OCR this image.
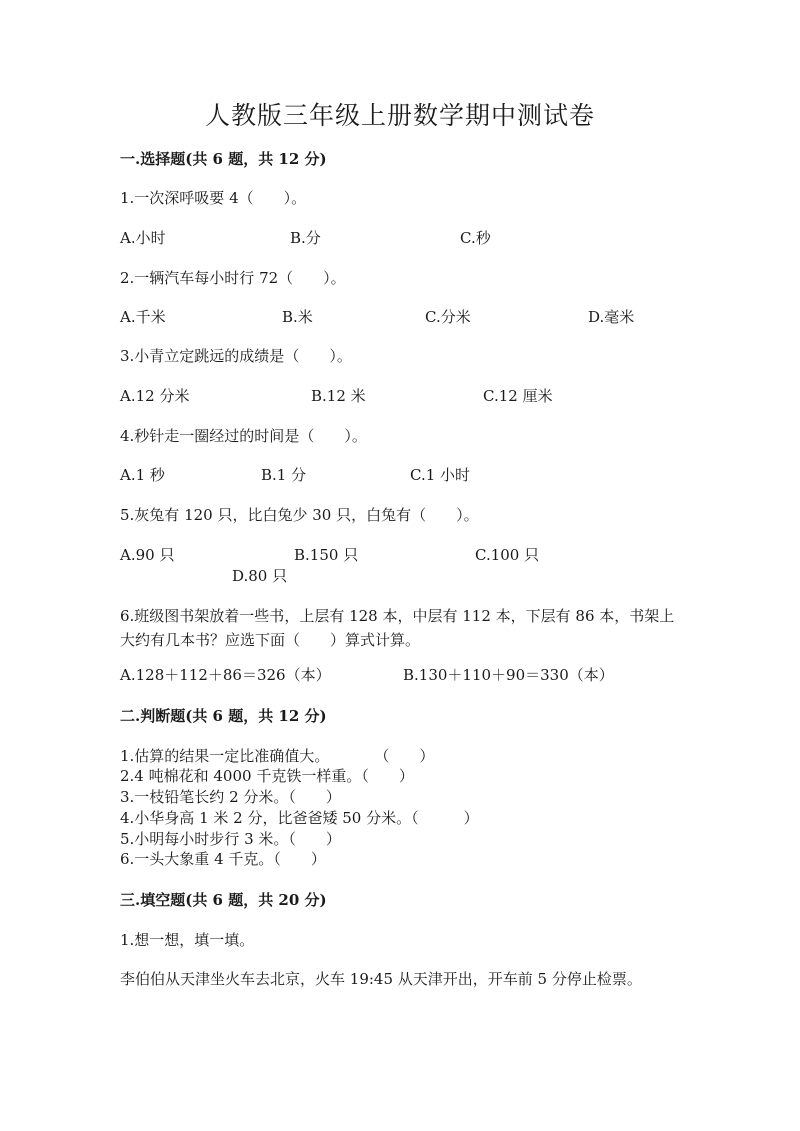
人教版三年级上册数学期中测试卷
一.选择题(共 6 题，共 12 分)
1.一次深呼吸要 4（　　）。
A.小时	B.分	C.秒
2.一辆汽车每小时行 72（　　）。
A.千米	B.米	C.分米	D.毫米
3.小青立定跳远的成绩是（　　）。
A.12 分米	B.12 米	C.12 厘米
4.秒针走一圈经过的时间是（　　）。
A.1 秒	B.1 分	C.1 小时
5.灰兔有 120 只，比白兔少 30 只，白兔有（　　）。
A.90 只	B.150 只	C.100 只
D.80 只
6.班级图书架放着一些书，上层有 128 本，中层有 112 本，下层有 86 本，书架上大约有几本书？应选下面（　　）算式计算。
A.128＋112＋86＝326（本）	B.130＋110＋90＝330（本）
二.判断题(共 6 题，共 12 分)
1.估算的结果一定比准确值大。　　　　（　　）
2.4 吨棉花和 4000 千克铁一样重。（　　）
3.一枝铅笔长约 2 分米。（　　）
4.小华身高 1 米 2 分，比爸爸矮 50 分米。（　　　）
5.小明每小时步行 3 米。（　　）
6.一头大象重 4 千克。（　　）
三.填空题(共 6 题，共 20 分)
1.想一想，填一填。
李伯伯从天津坐火车去北京，火车 19:45 从天津开出，开车前 5 分停止检票。
